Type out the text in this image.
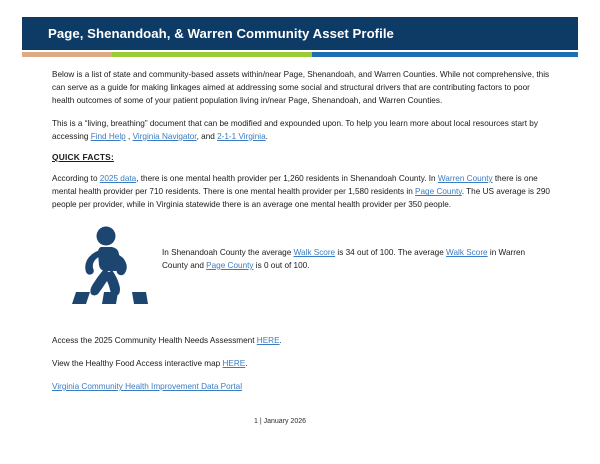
Page, Shenandoah, & Warren Community Asset Profile

Below is a list of state and community-based assets within/near Page, Shenandoah, and Warren Counties. While not comprehensive, this can serve as a guide for making linkages aimed at addressing some social and structural drivers that are contributing factors to poor health outcomes of some of your patient population living in/near Page, Shenandoah, and Warren Counties.

This is a “living, breathing” document that can be modified and expounded upon. To help you learn more about local resources start by accessing Find Help , Virginia Navigator, and 2-1-1 Virginia.

QUICK FACTS:

According to 2025 data, there is one mental health provider per 1,260 residents in Shenandoah County. In Warren County there is one mental health provider per 710 residents. There is one mental health provider per 1,580 residents in Page County. The US average is 290 people per provider, while in Virginia statewide there is an average one mental health provider per 350 people.

In Shenandoah County the average Walk Score is 34 out of 100. The average Walk Score in Warren County and Page County is 0 out of 100.
Access the 2025 Community Health Needs Assessment HERE.
View the Healthy Food Access interactive map HERE.
Virginia Community Health Improvement Data Portal
1 | January 2026
